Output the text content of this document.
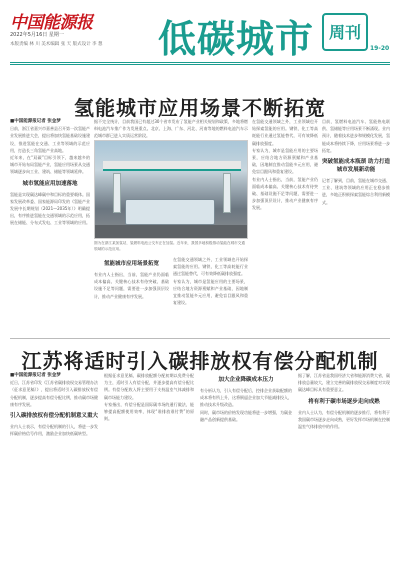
中国能源报
2022年5月16日 星期一
本版责编 林 川 美术编辑 张 天 版式设计 李 想 低碳城市 周刊
19-20
氢能城市应用场景不断拓宽

■中国能源报记者 张金梦

日前，浙江省嘉兴市嘉善县召开第一次氢能产业发展推进大会，提出将加快氢能基础设施建设，推进氢能在交通、工业等领域的示范应用，打造长三角氢能产业高地。

近年来，在“双碳”目标引领下，越来越多的城市开始布局氢能产业，氢能应用场景从交通领域逐步向工业、建筑、储能等领域延伸。

城市氢能应用加速落地

氢能是实现碳达峰碳中和目标的重要载体。国家发展改革委、国家能源局印发的《氢能产业发展中长期规划（2021—2035年）》明确提出，有序推进氢能在交通领域的示范应用，拓展在储能、分布式发电、工业等领域的应用。

据不完全统计，目前我国已有超过30个省市发布了氢能产业相关规划和政策，多地将燃料电池汽车推广作为发展重点。北京、上海、广东、河北、河南等地的燃料电池汽车示范城市群已进入实质运营阶段。

图为在浙江某加氢站，氢燃料电池公交车正在加氢。近年来，我国多地积极推动氢能在城市交通领域的示范应用。

氢能城市应用场景拓宽

有业内人士指出，当前，氢能产业仍面临成本偏高、关键核心技术有待突破、基础设施不足等问题，需要进一步加强顶层设计，推动产业健康有序发展。

在氢能交通领域之外，工业领域也开始探索氢能的应用。钢铁、化工等高耗能行业通过氢能替代，可有效降低碳排放强度。

专家认为，城市是氢能应用的主要场景，应结合地方资源禀赋和产业基础，因地制宜推动氢能多元应用，避免盲目跟风和重复建设。

在氢能交通领域之外，工业领域也开始探索氢能的应用。钢铁、化工等高耗能行业通过氢能替代，可有效降低碳排放强度。

专家认为，城市是氢能应用的主要场景，应结合地方资源禀赋和产业基础，因地制宜推动氢能多元应用，避免盲目跟风和重复建设。

有业内人士指出，当前，氢能产业仍面临成本偏高、关键核心技术有待突破、基础设施不足等问题，需要进一步加强顶层设计，推动产业健康有序发展。

目前，氢燃料电池汽车、氢能热电联供、氢储能等应用场景不断涌现。业内预计，随着技术进步和规模化发展，氢能成本将持续下降，应用场景将进一步拓宽。

突破氢能成本瓶颈 助力打造城市发展新动能

记者了解到，目前，氢能在城市交通、工业、建筑等领域的应用正在稳步推进，多地正积极探索氢能综合利用新模式。

江苏将适时引入碳排放权有偿分配机制

■中国能源报记者 张金梦

近日，江苏省印发《江苏省碳排放权交易管理办法（征求意见稿）》，提出将适时引入碳排放权有偿分配机制，逐步提高有偿分配比例，推动碳市场健康有序发展。

引入碳排放权有偿分配机制意义重大

业内人士表示，有偿分配机制的引入，将进一步发挥碳价格信号作用，激励企业加快低碳转型。

根据征求意见稿，碳排放配额分配初期以免费分配为主，适时引入有偿分配，并逐步提高有偿分配比例。有偿分配收入将主要用于支持温室气体减排和碳市场能力建设。

专家指出，有偿分配是国际碳市场的通行做法，能够提高配额使用效率，体现“谁排放谁付费”的原则。

加大企业降碳成本压力

有分析认为，引入有偿分配后，控排企业获取配额的成本将有所上升，这将倒逼企业加大节能减排投入，推动技术升级改造。

同时，碳市场的价格发现功能将进一步增强，为碳金融产品创新提供基础。

据了解，江苏省是我国经济大省和能源消费大省，碳排放总量较大，建立完善的碳排放权交易制度对实现碳达峰目标具有重要意义。

将有利于碳市场逐步走向成熟

业内人士认为，有偿分配机制的逐步推行，将有利于我国碳市场逐步走向成熟，更好发挥市场机制在控制温室气体排放中的作用。
